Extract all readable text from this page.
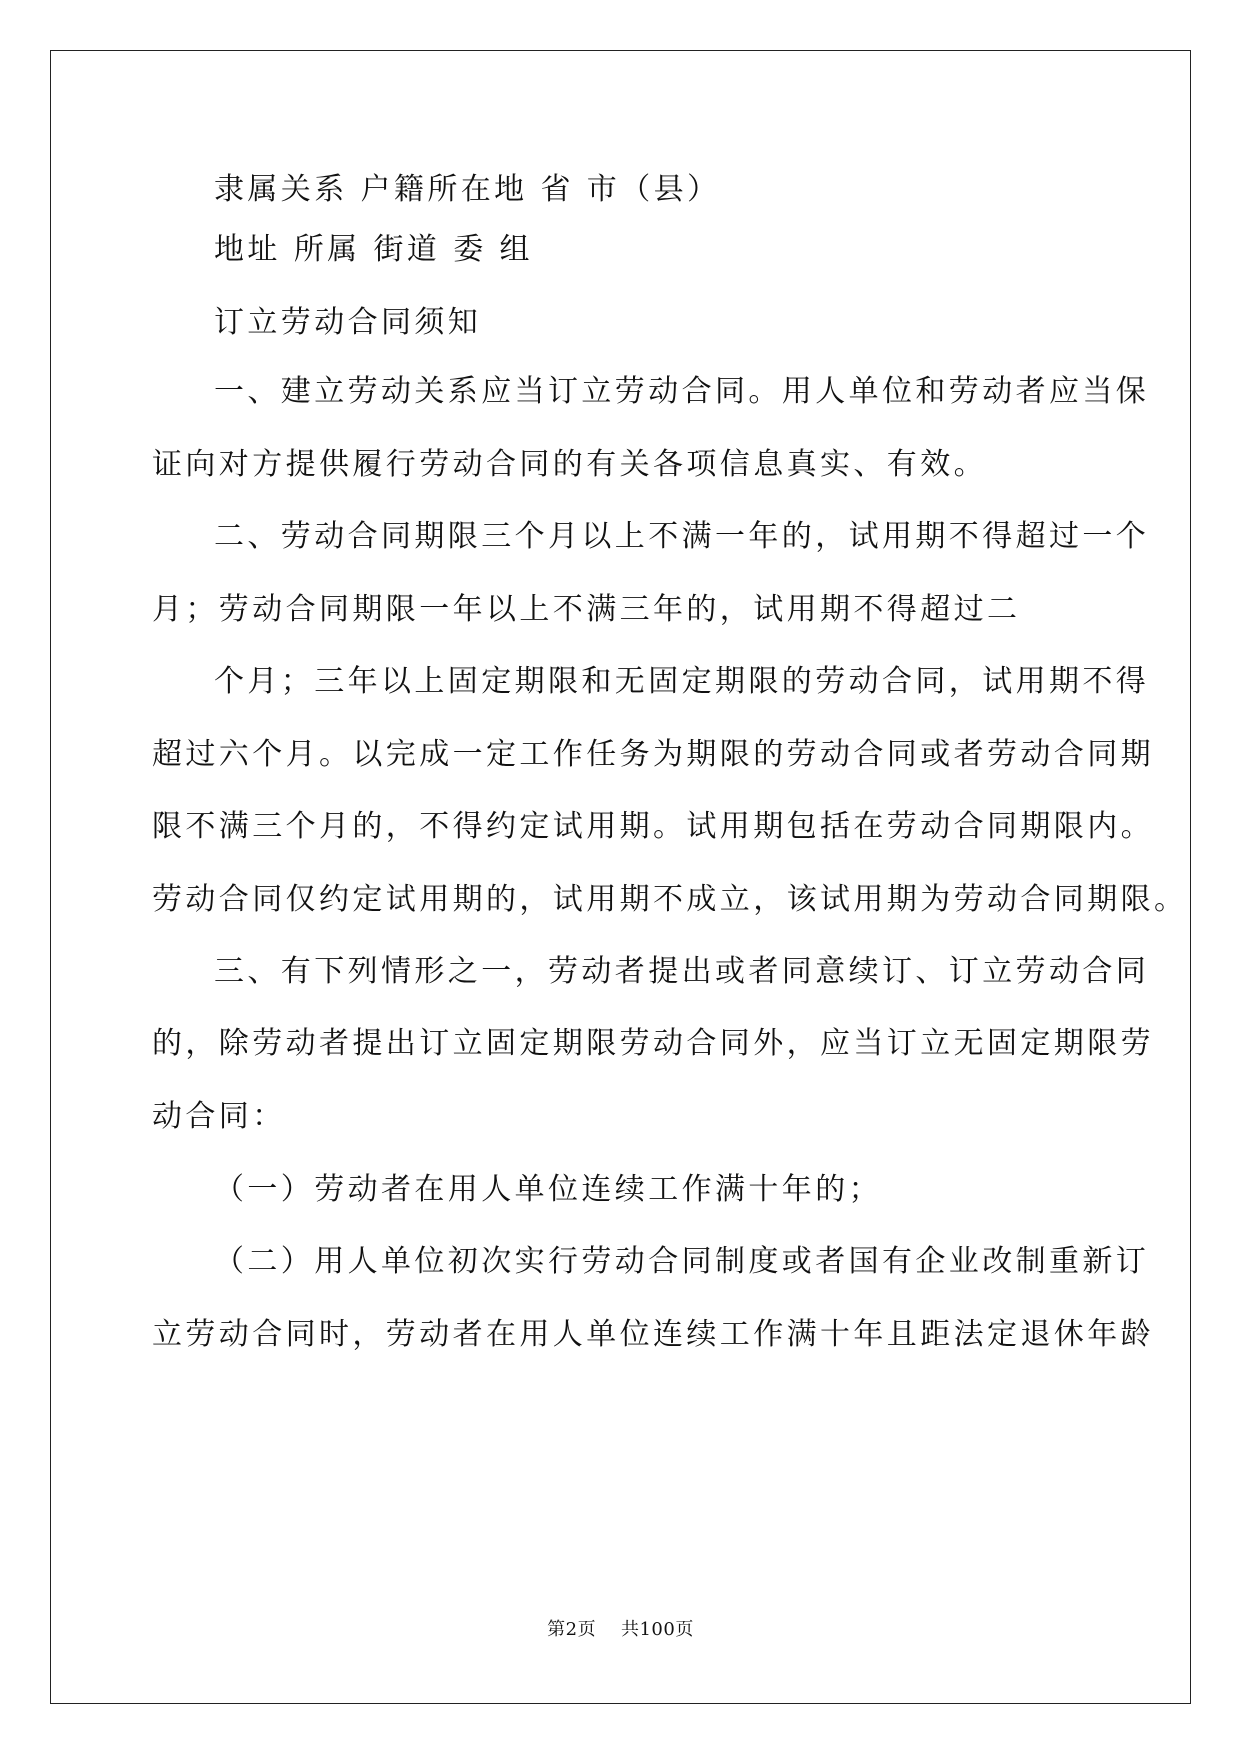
隶属关系 户籍所在地 省 市（县）
地址 所属 街道 委 组
订立劳动合同须知
一、建立劳动关系应当订立劳动合同。用人单位和劳动者应当保
证向对方提供履行劳动合同的有关各项信息真实、有效。
二、劳动合同期限三个月以上不满一年的，试用期不得超过一个
月；劳动合同期限一年以上不满三年的，试用期不得超过二
个月；三年以上固定期限和无固定期限的劳动合同，试用期不得
超过六个月。以完成一定工作任务为期限的劳动合同或者劳动合同期
限不满三个月的，不得约定试用期。试用期包括在劳动合同期限内。
劳动合同仅约定试用期的，试用期不成立，该试用期为劳动合同期限。
三、有下列情形之一，劳动者提出或者同意续订、订立劳动合同
的，除劳动者提出订立固定期限劳动合同外，应当订立无固定期限劳
动合同：
（一）劳动者在用人单位连续工作满十年的；
（二）用人单位初次实行劳动合同制度或者国有企业改制重新订
立劳动合同时，劳动者在用人单位连续工作满十年且距法定退休年龄
第2页 共100页
